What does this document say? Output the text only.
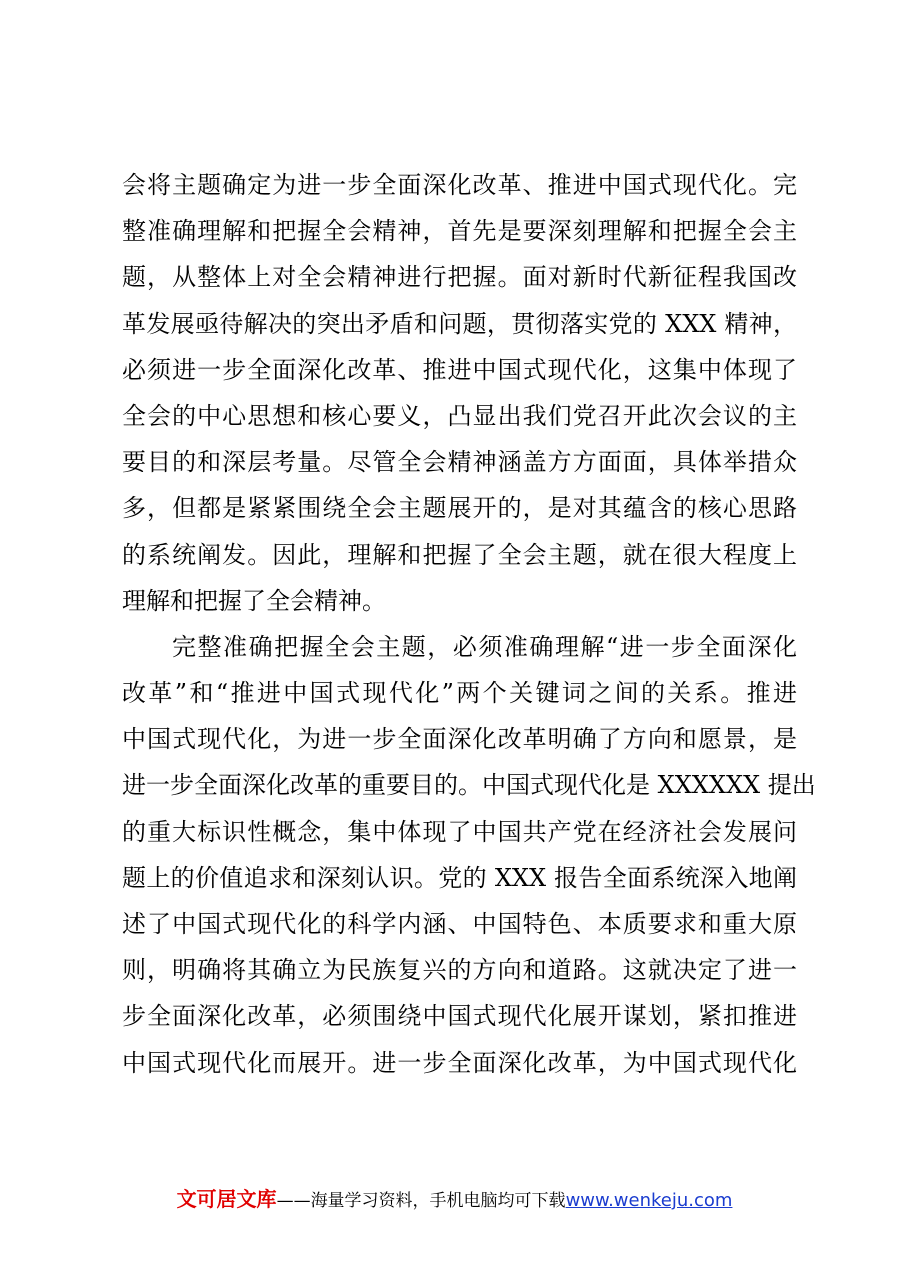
会将主题确定为进一步全面深化改革、推进中国式现代化。完
整准确理解和把握全会精神，首先是要深刻理解和把握全会主
题，从整体上对全会精神进行把握。面对新时代新征程我国改
革发展亟待解决的突出矛盾和问题，贯彻落实党的 XXX 精神，
必须进一步全面深化改革、推进中国式现代化，这集中体现了
全会的中心思想和核心要义，凸显出我们党召开此次会议的主
要目的和深层考量。尽管全会精神涵盖方方面面，具体举措众
多，但都是紧紧围绕全会主题展开的，是对其蕴含的核心思路
的系统阐发。因此，理解和把握了全会主题，就在很大程度上
理解和把握了全会精神。
完整准确把握全会主题，必须准确理解“进一步全面深化
改革”和“推进中国式现代化”两个关键词之间的关系。推进
中国式现代化，为进一步全面深化改革明确了方向和愿景，是
进一步全面深化改革的重要目的。中国式现代化是 XXXXXX 提出
的重大标识性概念，集中体现了中国共产党在经济社会发展问
题上的价值追求和深刻认识。党的 XXX 报告全面系统深入地阐
述了中国式现代化的科学内涵、中国特色、本质要求和重大原
则，明确将其确立为民族复兴的方向和道路。这就决定了进一
步全面深化改革，必须围绕中国式现代化展开谋划，紧扣推进
中国式现代化而展开。进一步全面深化改革，为中国式现代化
文可居文库——海量学习资料，手机电脑均可下载www.wenkeju.com
